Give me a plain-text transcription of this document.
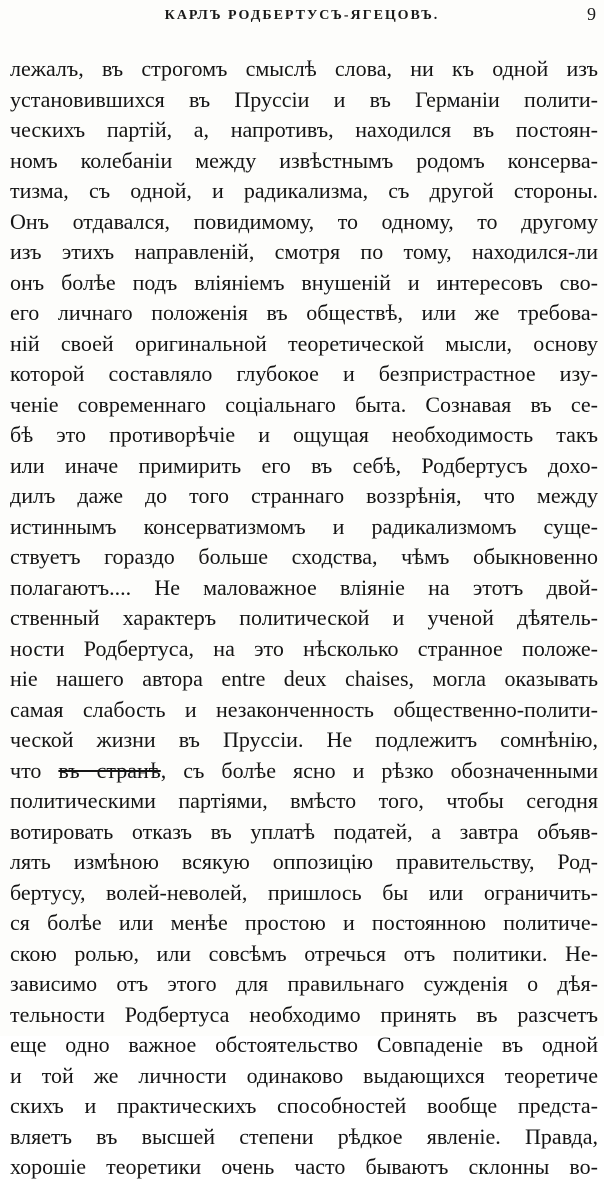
КАРЛЪ РОДБЕРТУСЪ-ЯГЕЦОВЪ.	9
лежалъ, въ строгомъ смыслѣ слова, ни къ одной изъ
установившихся въ Пруссіи и въ Германіи полити-
ческихъ партій, а, напротивъ, находился въ постоян-
номъ колебаніи между извѣстнымъ родомъ консерва-
тизма, съ одной, и радикализма, съ другой стороны.
Онъ отдавался, повидимому, то одному, то другому
изъ этихъ направленій, смотря по тому, находился-ли
онъ болѣе подъ вліяніемъ внушеній и интересовъ сво-
его личнаго положенія въ обществѣ, или же требова-
ній своей оригинальной теоретической мысли, основу
которой составляло глубокое и безпристрастное изу-
ченіе современнаго соціальнаго быта. Сознавая въ се-
бѣ это противорѣчіе и ощущая необходимость такъ
или иначе примирить его въ себѣ, Родбертусъ дохо-
дилъ даже до того страннаго воззрѣнія, что между
истиннымъ консерватизмомъ и радикализмомъ суще-
ствуетъ гораздо больше сходства, чѣмъ обыкновенно
полагаютъ.... Не маловажное вліяніе на этотъ двой-
ственный характеръ политической и ученой дѣятель-
ности Родбертуса, на это нѣсколько странное положе-
ніе нашего автора entre deux chaises, могла оказывать
самая слабость и незаконченность общественно-полити-
ческой жизни въ Пруссіи. Не подлежитъ сомнѣнію,
что въ странѣ, съ болѣе ясно и рѣзко обозначенными
политическими партіями, вмѣсто того, чтобы сегодня
вотировать отказъ въ уплатѣ податей, а завтра объяв-
лять измѣною всякую оппозицію правительству, Род-
бертусу, волей-неволей, пришлось бы или ограничить-
ся болѣе или менѣе простою и постоянною политиче-
скою ролью, или совсѣмъ отречься отъ политики. Не-
зависимо отъ этого для правильнаго сужденія о дѣя-
тельности Родбертуса необходимо принять въ разсчетъ
еще одно важное обстоятельство Совпаденіе въ одной
и той же личности одинаково выдающихся теоретиче
скихъ и практическихъ способностей вообще предста-
вляетъ въ высшей степени рѣдкое явленіе. Правда,
хорошіе теоретики очень часто бываютъ склонны во-
